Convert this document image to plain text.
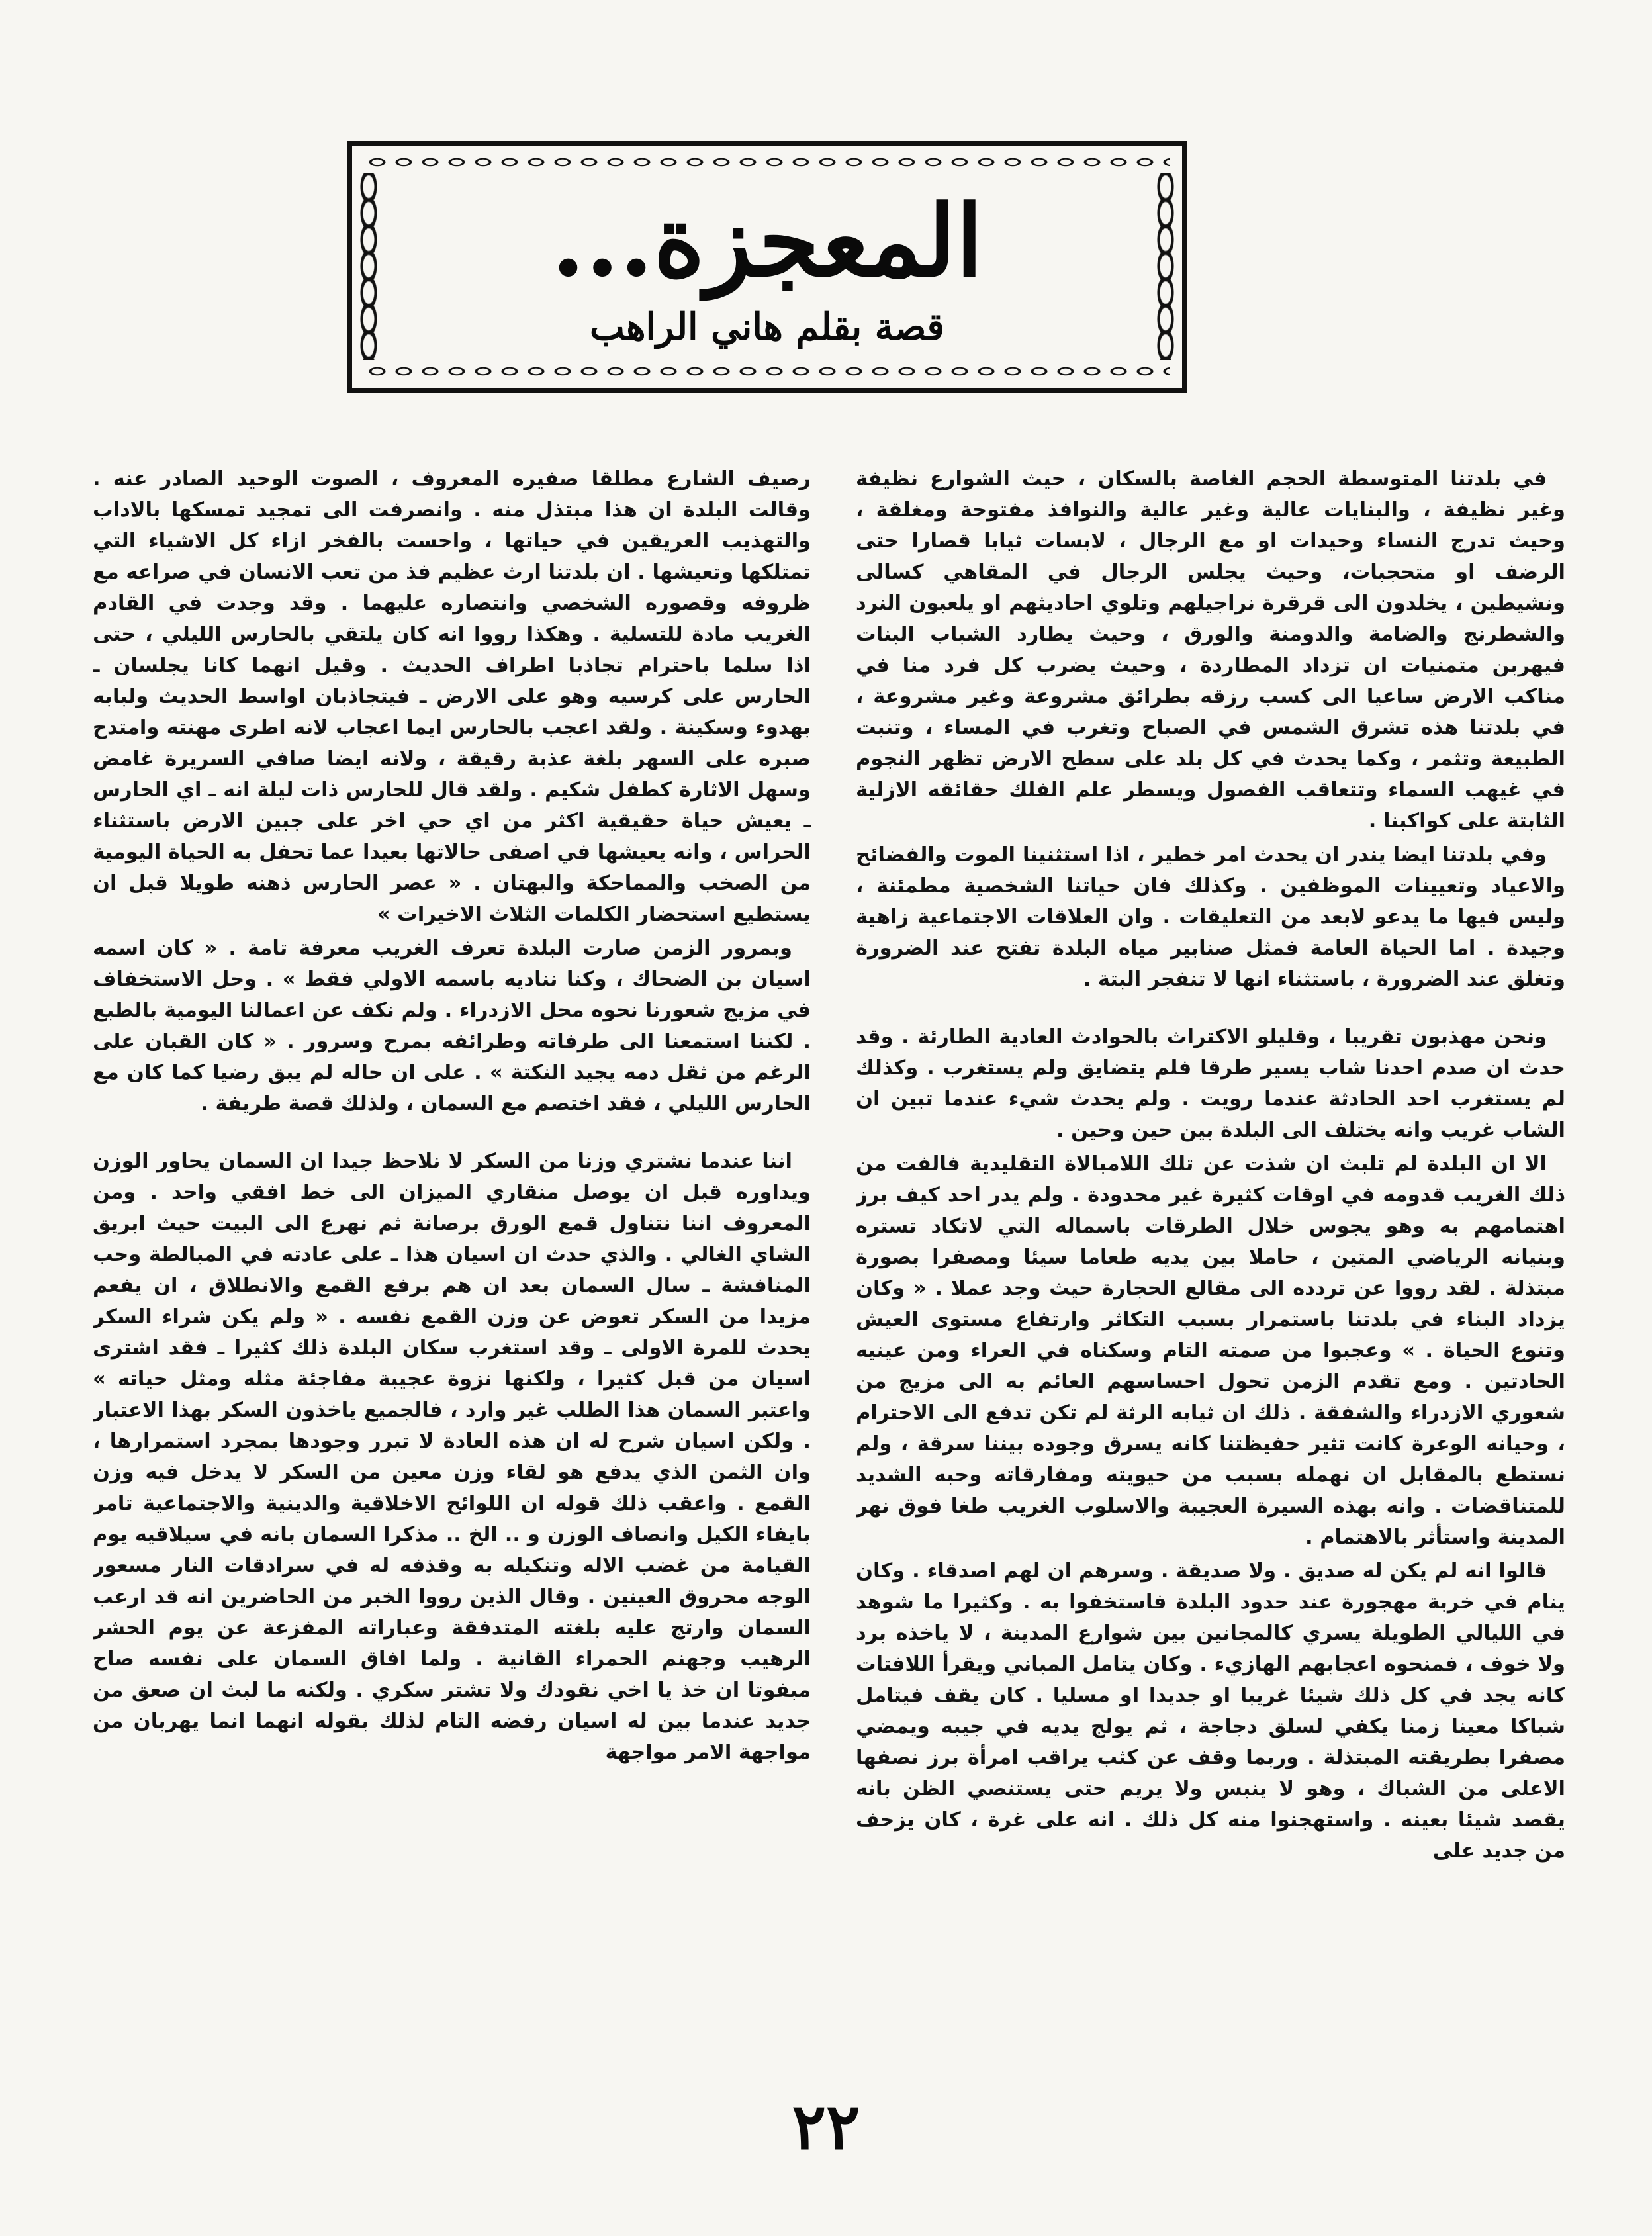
المعجزة...
قصة بقلم هاني الراهب

في بلدتنا المتوسطة الحجم الغاصة بالسكان ، حيث الشوارع نظيفة وغير نظيفة ، والبنايات عالية وغير عالية والنوافذ مفتوحة ومغلقة ، وحيث تدرج النساء وحيدات او مع الرجال ، لابسات ثيابا قصارا حتى الرضف او متحجبات، وحيث يجلس الرجال في المقاهي كسالى ونشيطين ، يخلدون الى قرقرة نراجيلهم وتلوي احاديثهم او يلعبون النرد والشطرنج والضامة والدومنة والورق ، وحيث يطارد الشباب البنات فيهربن متمنيات ان تزداد المطاردة ، وحيث يضرب كل فرد منا في مناكب الارض ساعيا الى كسب رزقه بطرائق مشروعة وغير مشروعة ، في بلدتنا هذه تشرق الشمس في الصباح وتغرب في المساء ، وتنبت الطبيعة وتثمر ، وكما يحدث في كل بلد على سطح الارض تظهر النجوم في غيهب السماء وتتعاقب الفصول ويسطر علم الفلك حقائقه الازلية الثابتة على كواكبنا .

وفي بلدتنا ايضا يندر ان يحدث امر خطير ، اذا استثنينا الموت والفضائح والاعياد وتعيينات الموظفين . وكذلك فان حياتنا الشخصية مطمئنة ، وليس فيها ما يدعو لابعد من التعليقات . وان العلاقات الاجتماعية زاهية وجيدة . اما الحياة العامة فمثل صنابير مياه البلدة تفتح عند الضرورة وتغلق عند الضرورة ، باستثناء انها لا تنفجر البتة .

ونحن مهذبون تقريبا ، وقليلو الاكتراث بالحوادث العادية الطارئة . وقد حدث ان صدم احدنا شاب يسير طرقا فلم يتضايق ولم يستغرب . وكذلك لم يستغرب احد الحادثة عندما رويت . ولم يحدث شيء عندما تبين ان الشاب غريب وانه يختلف الى البلدة بين حين وحين .

الا ان البلدة لم تلبث ان شذت عن تلك اللامبالاة التقليدية فالفت من ذلك الغريب قدومه في اوقات كثيرة غير محدودة . ولم يدر احد كيف برز اهتمامهم به وهو يجوس خلال الطرقات باسماله التي لاتكاد تستره وبنيانه الرياضي المتين ، حاملا بين يديه طعاما سيئا ومصفرا بصورة مبتذلة . لقد رووا عن تردده الى مقالع الحجارة حيث وجد عملا . « وكان يزداد البناء في بلدتنا باستمرار بسبب التكاثر وارتفاع مستوى العيش وتنوع الحياة . » وعجبوا من صمته التام وسكناه في العراء ومن عينيه الحادتين . ومع تقدم الزمن تحول احساسهم العائم به الى مزيج من شعوري الازدراء والشفقة . ذلك ان ثيابه الرثة لم تكن تدفع الى الاحترام ، وحيانه الوعرة كانت تثير حفيظتنا كانه يسرق وجوده بيننا سرقة ، ولم نستطع بالمقابل ان نهمله بسبب من حيويته ومفارقاته وحبه الشديد للمتناقضات . وانه بهذه السيرة العجيبة والاسلوب الغريب طغا فوق نهر المدينة واستأثر بالاهتمام .

قالوا انه لم يكن له صديق . ولا صديقة . وسرهم ان لهم اصدقاء . وكان ينام في خربة مهجورة عند حدود البلدة فاستخفوا به . وكثيرا ما شوهد في الليالي الطويلة يسري كالمجانين بين شوارع المدينة ، لا ياخذه برد ولا خوف ، فمنحوه اعجابهم الهازيء . وكان يتامل المباني ويقرأ اللافتات كانه يجد في كل ذلك شيئا غريبا او جديدا او مسليا . كان يقف فيتامل شباكا معينا زمنا يكفي لسلق دجاجة ، ثم يولج يديه في جيبه ويمضي مصفرا بطريقته المبتذلة . وربما وقف عن كثب يراقب امرأة برز نصفها الاعلى من الشباك ، وهو لا ينبس ولا يريم حتى يستنصي الظن بانه يقصد شيئا بعينه . واستهجنوا منه كل ذلك . انه على غرة ، كان يزحف من جديد على

رصيف الشارع مطلقا صفيره المعروف ، الصوت الوحيد الصادر عنه . وقالت البلدة ان هذا مبتذل منه . وانصرفت الى تمجيد تمسكها بالاداب والتهذيب العريقين في حياتها ، واحست بالفخر ازاء كل الاشياء التي تمتلكها وتعيشها . ان بلدتنا ارث عظيم فذ من تعب الانسان في صراعه مع ظروفه وقصوره الشخصي وانتصاره عليهما . وقد وجدت في القادم الغريب مادة للتسلية . وهكذا رووا انه كان يلتقي بالحارس الليلي ، حتى اذا سلما باحترام تجاذبا اطراف الحديث . وقيل انهما كانا يجلسان ـ الحارس على كرسيه وهو على الارض ـ فيتجاذبان اواسط الحديث ولبابه بهدوء وسكينة . ولقد اعجب بالحارس ايما اعجاب لانه اطرى مهنته وامتدح صبره على السهر بلغة عذبة رقيقة ، ولانه ايضا صافي السريرة غامض وسهل الاثارة كطفل شكيم . ولقد قال للحارس ذات ليلة انه ـ اي الحارس ـ يعيش حياة حقيقية اكثر من اي حي اخر على جبين الارض باستثناء الحراس ، وانه يعيشها في اصفى حالاتها بعيدا عما تحفل به الحياة اليومية من الصخب والمماحكة والبهتان . « عصر الحارس ذهنه طويلا قبل ان يستطيع استحضار الكلمات الثلاث الاخيرات »

وبمرور الزمن صارت البلدة تعرف الغريب معرفة تامة . « كان اسمه اسيان بن الضحاك ، وكنا نناديه باسمه الاولي فقط » . وحل الاستخفاف في مزيج شعورنا نحوه محل الازدراء . ولم نكف عن اعمالنا اليومية بالطبع . لكننا استمعنا الى طرفاته وطرائفه بمرح وسرور . « كان القبان على الرغم من ثقل دمه يجيد النكتة » . على ان حاله لم يبق رضيا كما كان مع الحارس الليلي ، فقد اختصم مع السمان ، ولذلك قصة طريفة .

اننا عندما نشتري وزنا من السكر لا نلاحظ جيدا ان السمان يحاور الوزن ويداوره قبل ان يوصل منقاري الميزان الى خط افقي واحد . ومن المعروف اننا نتناول قمع الورق برصانة ثم نهرع الى البيت حيث ابريق الشاي الغالي . والذي حدث ان اسيان هذا ـ على عادته في المبالطة وحب المنافشة ـ سال السمان بعد ان هم برفع القمع والانطلاق ، ان يفعم مزيدا من السكر تعوض عن وزن القمع نفسه . « ولم يكن شراء السكر يحدث للمرة الاولى ـ وقد استغرب سكان البلدة ذلك كثيرا ـ فقد اشترى اسيان من قبل كثيرا ، ولكنها نزوة عجيبة مفاجئة مثله ومثل حياته » واعتبر السمان هذا الطلب غير وارد ، فالجميع ياخذون السكر بهذا الاعتبار . ولكن اسيان شرح له ان هذه العادة لا تبرر وجودها بمجرد استمرارها ، وان الثمن الذي يدفع هو لقاء وزن معين من السكر لا يدخل فيه وزن القمع . واعقب ذلك قوله ان اللوائح الاخلاقية والدينية والاجتماعية تامر بايفاء الكيل وانصاف الوزن و .. الخ .. مذكرا السمان بانه في سيلاقيه يوم القيامة من غضب الاله وتنكيله به وقذفه له في سرادقات النار مسعور الوجه محروق العينين . وقال الذين رووا الخبر من الحاضرين انه قد ارعب السمان وارتج عليه بلغته المتدفقة وعباراته المفزعة عن يوم الحشر الرهيب وجهنم الحمراء القانية . ولما افاق السمان على نفسه صاح مبفوتا ان خذ يا اخي نقودك ولا تشتر سكري . ولكنه ما لبث ان صعق من جديد عندما بين له اسيان رفضه التام لذلك بقوله انهما انما يهربان من مواجهة الامر مواجهة

٢٢
